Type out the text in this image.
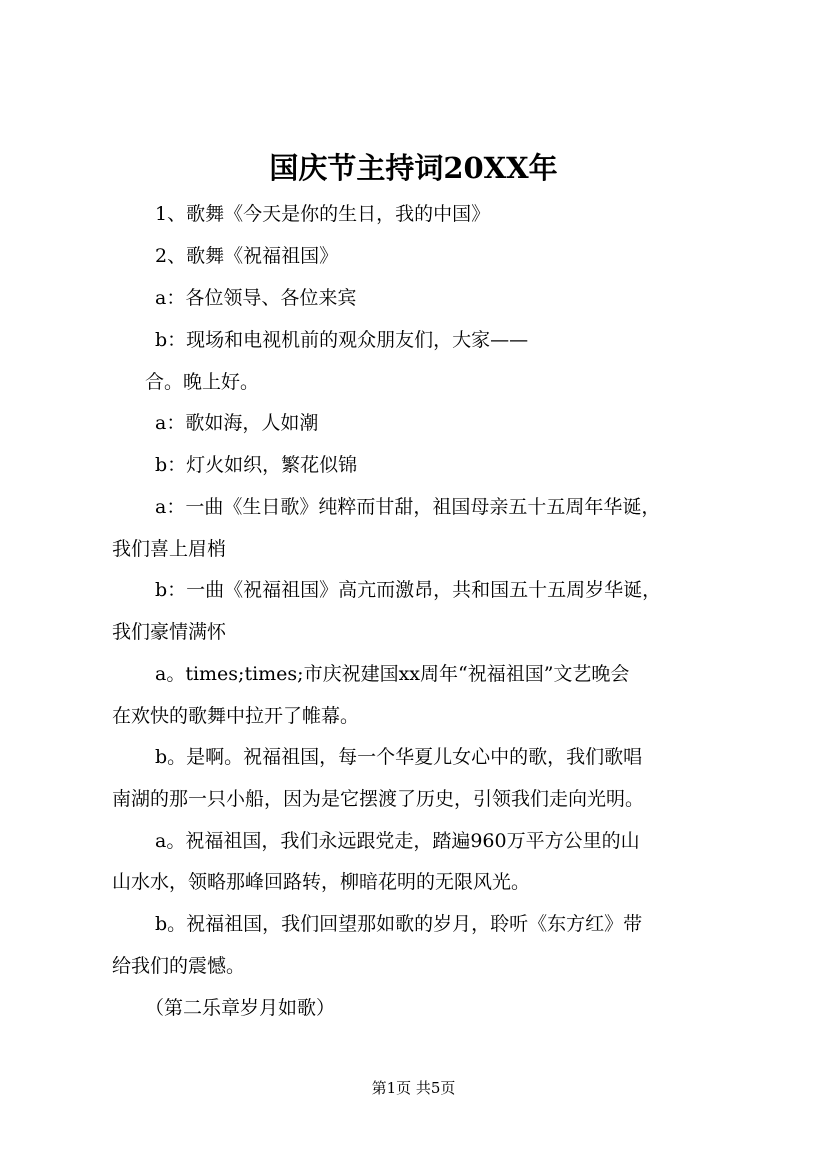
国庆节主持词20XX年
1、歌舞《今天是你的生日，我的中国》
2、歌舞《祝福祖国》
a：各位领导、各位来宾
b：现场和电视机前的观众朋友们，大家——
合。晚上好。
a：歌如海，人如潮
b：灯火如织，繁花似锦
a：一曲《生日歌》纯粹而甘甜，祖国母亲五十五周年华诞，
我们喜上眉梢
b：一曲《祝福祖国》高亢而激昂，共和国五十五周岁华诞，
我们豪情满怀
a。times;times;市庆祝建国xx周年“祝福祖国”文艺晚会
在欢快的歌舞中拉开了帷幕。
b。是啊。祝福祖国，每一个华夏儿女心中的歌，我们歌唱
南湖的那一只小船，因为是它摆渡了历史，引领我们走向光明。
a。祝福祖国，我们永远跟党走，踏遍960万平方公里的山
山水水，领略那峰回路转，柳暗花明的无限风光。
b。祝福祖国，我们回望那如歌的岁月，聆听《东方红》带
给我们的震憾。
（第二乐章岁月如歌）
第1页 共5页
